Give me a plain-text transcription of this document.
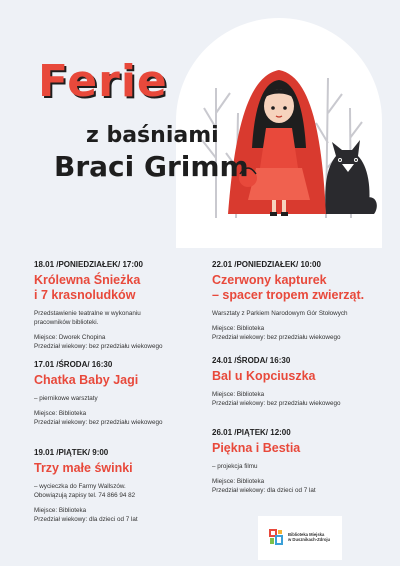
Ferie
z baśniami
Braci Grimm
18.01 /PONIEDZIAŁEK/ 17:00
Królewna Śnieżka
i 7 krasnoludków
Przedstawienie teatralne w wykonaniu
pracowników biblioteki.
Miejsce: Dworek Chopina
Przedział wiekowy: bez przedziału wiekowego
17.01 /ŚRODA/ 16:30
Chatka Baby Jagi
– piernikowe warsztaty
Miejsce: Biblioteka
Przedział wiekowy: bez przedziału wiekowego
19.01 /PIĄTEK/ 9:00
Trzy małe świnki
– wycieczka do Farmy Wallszów.
Obowiązują zapisy tel. 74 866 94 82
Miejsce: Biblioteka
Przedział wiekowy: dla dzieci od 7 lat
22.01 /PONIEDZIAŁEK/ 10:00
Czerwony kapturek
– spacer tropem zwierząt.
Warsztaty z Parkiem Narodowym Gór Stołowych
Miejsce: Biblioteka
Przedział wiekowy: bez przedziału wiekowego
24.01 /ŚRODA/ 16:30
Bal u Kopciuszka
Miejsce: Biblioteka
Przedział wiekowy: bez przedziału wiekowego
26.01 /PIĄTEK/ 12:00
Piękna i Bestia
– projekcja filmu
Miejsce: Biblioteka
Przedział wiekowy: dla dzieci od 7 lat
Biblioteka Miejska
w Dusznikach-Zdroju
